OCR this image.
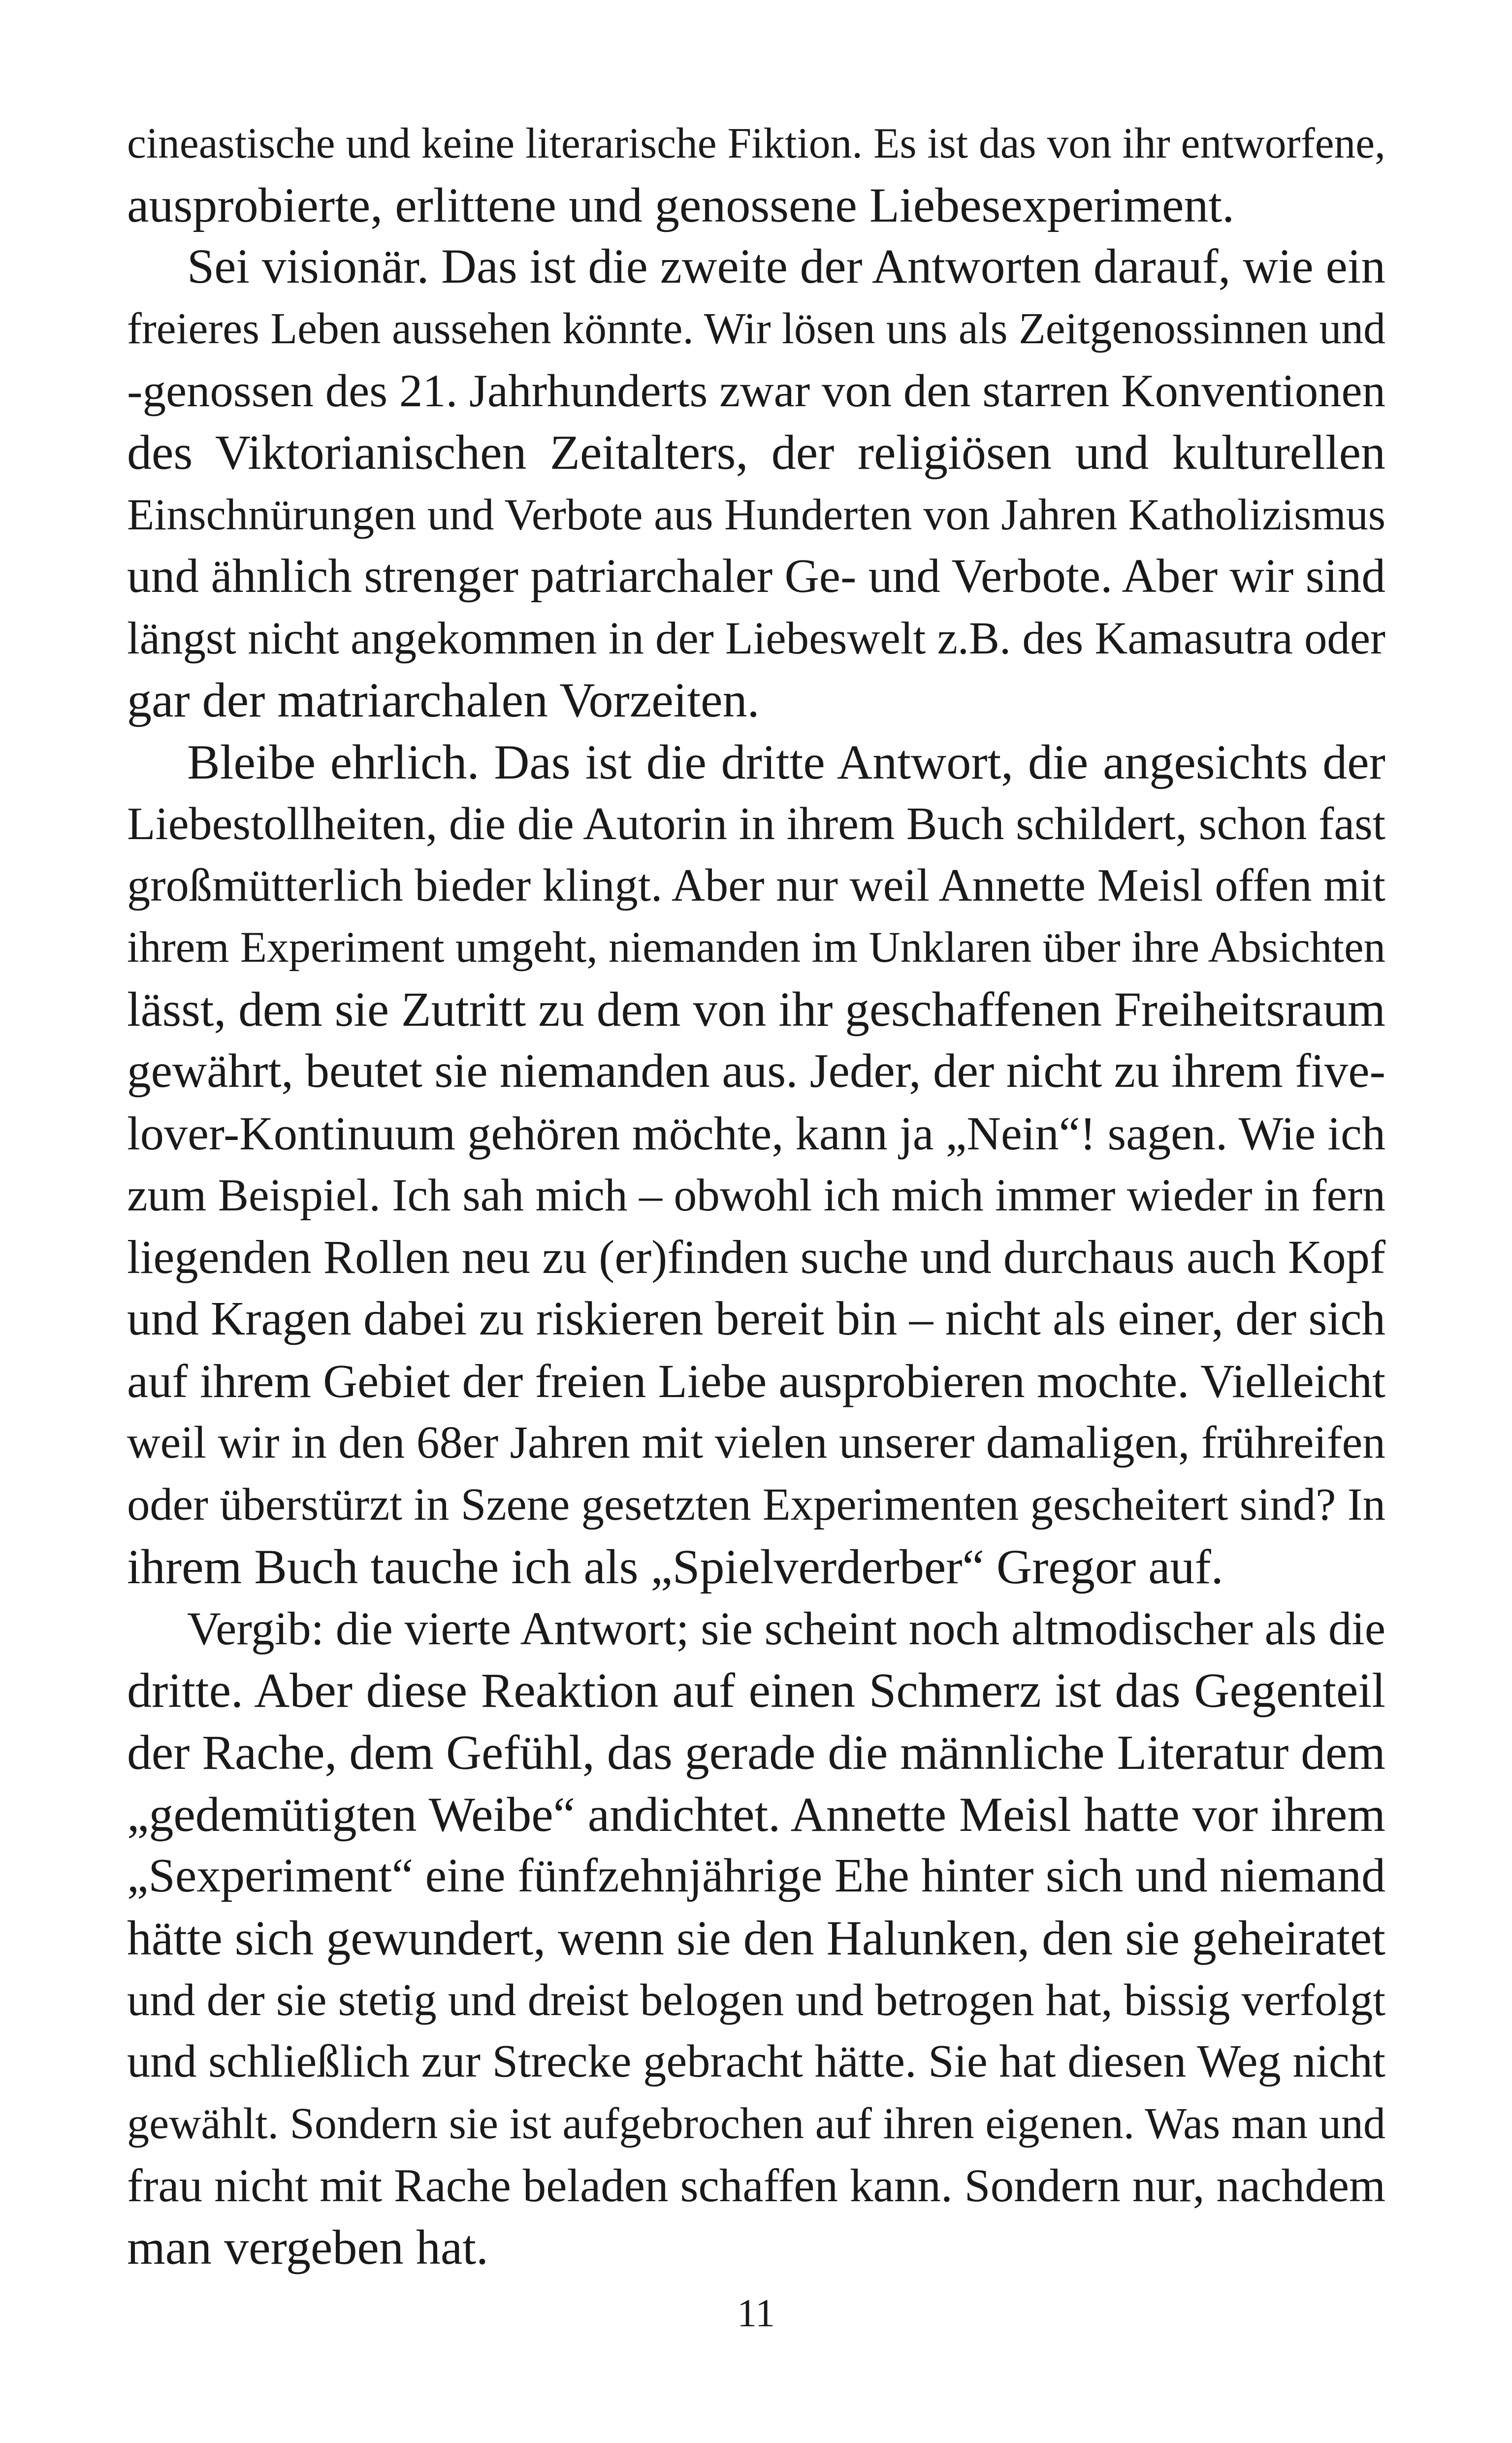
cineastische und keine literarische Fiktion. Es ist das von ihr entworfene,
ausprobierte, erlittene und genossene Liebesexperiment.
Sei visionär. Das ist die zweite der Antworten darauf, wie ein
freieres Leben aussehen könnte. Wir lösen uns als Zeitgenossinnen und
-genossen des 21. Jahrhunderts zwar von den starren Konventionen
des Viktorianischen Zeitalters, der religiösen und kulturellen
Einschnürungen und Verbote aus Hunderten von Jahren Katholizismus
und ähnlich strenger patriarchaler Ge- und Verbote. Aber wir sind
längst nicht angekommen in der Liebeswelt z.B. des Kamasutra oder
gar der matriarchalen Vorzeiten.
Bleibe ehrlich. Das ist die dritte Antwort, die angesichts der
Liebestollheiten, die die Autorin in ihrem Buch schildert, schon fast
großmütterlich bieder klingt. Aber nur weil Annette Meisl offen mit
ihrem Experiment umgeht, niemanden im Unklaren über ihre Absichten
lässt, dem sie Zutritt zu dem von ihr geschaffenen Freiheitsraum
gewährt, beutet sie niemanden aus. Jeder, der nicht zu ihrem five-
lover-Kontinuum gehören möchte, kann ja „Nein“! sagen. Wie ich
zum Beispiel. Ich sah mich – obwohl ich mich immer wieder in fern
liegenden Rollen neu zu (er)finden suche und durchaus auch Kopf
und Kragen dabei zu riskieren bereit bin – nicht als einer, der sich
auf ihrem Gebiet der freien Liebe ausprobieren mochte. Vielleicht
weil wir in den 68er Jahren mit vielen unserer damaligen, frühreifen
oder überstürzt in Szene gesetzten Experimenten gescheitert sind? In
ihrem Buch tauche ich als „Spielverderber“ Gregor auf.
Vergib: die vierte Antwort; sie scheint noch altmodischer als die
dritte. Aber diese Reaktion auf einen Schmerz ist das Gegenteil
der Rache, dem Gefühl, das gerade die männliche Literatur dem
„gedemütigten Weibe“ andichtet. Annette Meisl hatte vor ihrem
„Sexperiment“ eine fünfzehnjährige Ehe hinter sich und niemand
hätte sich gewundert, wenn sie den Halunken, den sie geheiratet
und der sie stetig und dreist belogen und betrogen hat, bissig verfolgt
und schließlich zur Strecke gebracht hätte. Sie hat diesen Weg nicht
gewählt. Sondern sie ist aufgebrochen auf ihren eigenen. Was man und
frau nicht mit Rache beladen schaffen kann. Sondern nur, nachdem
man vergeben hat.
11
